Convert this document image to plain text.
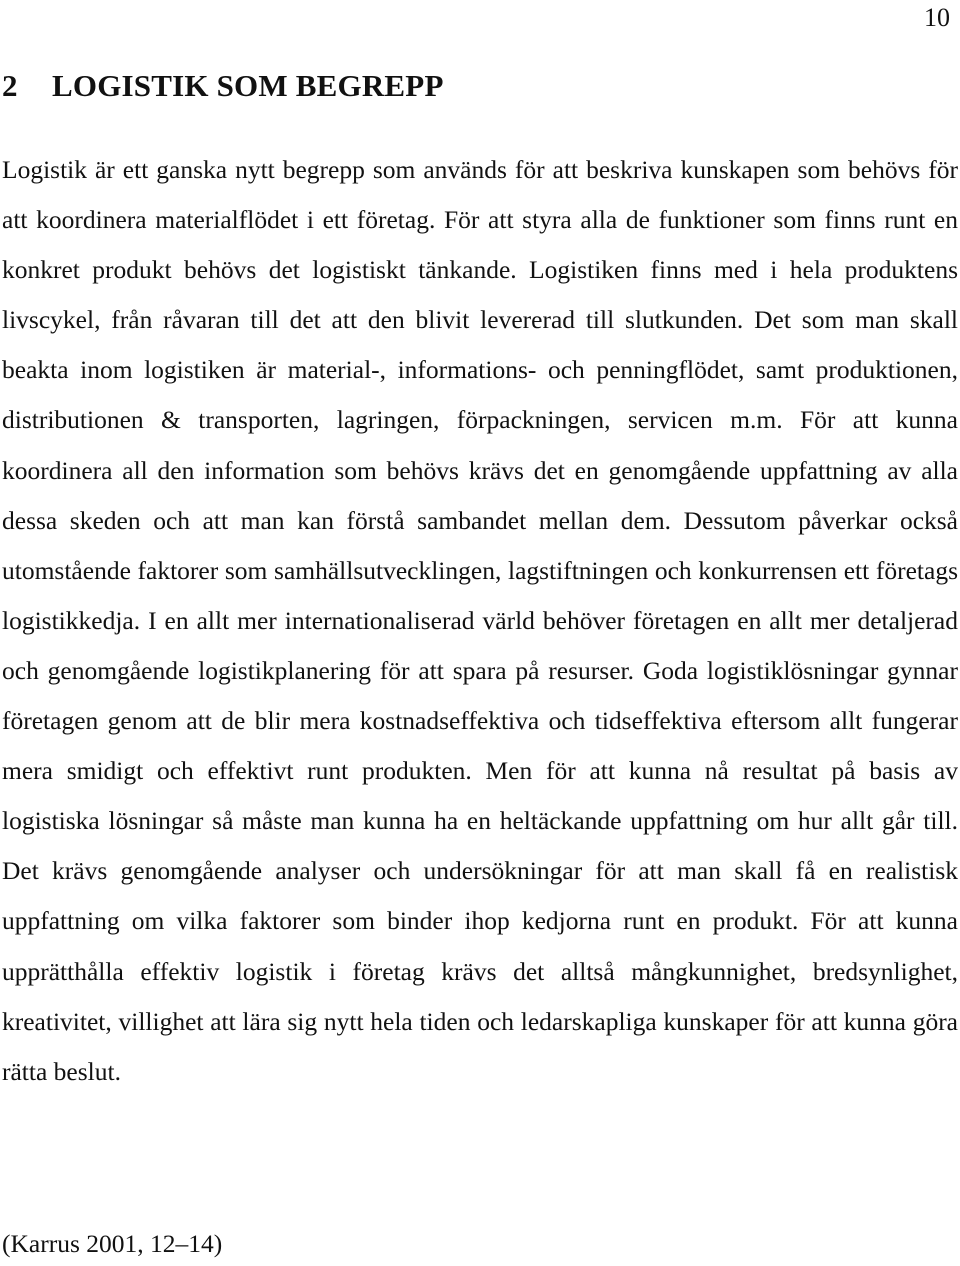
10
2 LOGISTIK SOM BEGREPP

Logistik är ett ganska nytt begrepp som används för att beskriva kunskapen som behövs för att koordinera materialflödet i ett företag. För att styra alla de funktioner som finns runt en konkret produkt behövs det logistiskt tänkande. Logistiken finns med i hela produktens livscykel, från råvaran till det att den blivit levererad till slutkunden. Det som man skall beakta inom logistiken är material-, informations- och penningflödet, samt produktionen, distributionen & transporten, lagringen, förpackningen, servicen m.m. För att kunna koordinera all den information som behövs krävs det en genomgående uppfattning av alla dessa skeden och att man kan förstå sambandet mellan dem. Dessutom påverkar också utomstående faktorer som samhällsutvecklingen, lagstiftningen och konkurrensen ett företags logistikkedja. I en allt mer internationaliserad värld behöver företagen en allt mer detaljerad och genomgående logistikplanering för att spara på resurser. Goda logistiklösningar gynnar företagen genom att de blir mera kostnadseffektiva och tidseffektiva eftersom allt fungerar mera smidigt och effektivt runt produkten. Men för att kunna nå resultat på basis av logistiska lösningar så måste man kunna ha en heltäckande uppfattning om hur allt går till. Det krävs genomgående analyser och undersökningar för att man skall få en realistisk uppfattning om vilka faktorer som binder ihop kedjorna runt en produkt. För att kunna upprätthålla effektiv logistik i företag krävs det alltså mångkunnighet, bredsynlighet, kreativitet, villighet att lära sig nytt hela tiden och ledarskapliga kunskaper för att kunna göra rätta beslut.

(Karrus 2001, 12–14)
